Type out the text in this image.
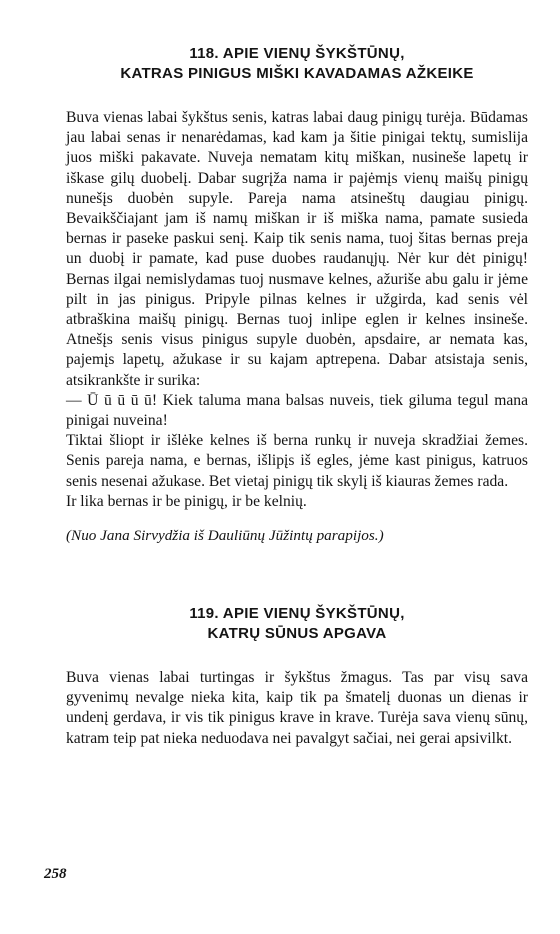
118. APIE VIENŲ ŠYKŠTŪNŲ,
KATRAS PINIGUS MIŠKI KAVADAMAS AŽKEIKE

Buva vienas labai šykštus senis, katras labai daug pinigų turėja. Būdamas jau labai senas ir nenarėdamas, kad kam ja šitie pinigai tektų, sumislija juos miški pakavate. Nuveja nematam kitų miškan, nusineše lapetų ir iškase gilų duobelį. Dabar sugrįža nama ir pajėmįs vienų maišų pinigų nunešįs duobėn supyle. Pareja nama atsineštų daugiau pinigų. Bevaikščiajant jam iš namų miškan ir iš miška nama, pamate susieda bernas ir paseke paskui senį. Kaip tik senis nama, tuoj šitas bernas preja un duobį ir pamate, kad puse duobes raudanųjų. Nėr kur dėt pinigų! Bernas ilgai nemislydamas tuoj nusmave kelnes, ažuriše abu galu ir jėme pilt in jas pinigus. Pripyle pilnas kelnes ir užgirda, kad senis vėl atbraškina maišų pinigų. Bernas tuoj inlipe eglen ir kelnes insineše. Atnešįs senis visus pinigus supyle duobėn, apsdaire, ar nemata kas, pajemįs lapetų, ažukase ir su kajam aptrepena. Dabar atsistaja senis, atsikrankšte ir surika:

— Ū ū ū ū ū! Kiek taluma mana balsas nuveis, tiek giluma tegul mana pinigai nuveina!

Tiktai šliopt ir išlėke kelnes iš berna runkų ir nuveja skradžiai žemes. Senis pareja nama, e bernas, išlipįs iš egles, jėme kast pinigus, katruos senis nesenai ažukase. Bet vietaj pinigų tik skylį iš kiauras žemes rada.

Ir lika bernas ir be pinigų, ir be kelnių.

(Nuo Jana Sirvydžia iš Dauliūnų Jūžintų parapijos.)

119. APIE VIENŲ ŠYKŠTŪNŲ,
KATRŲ SŪNUS APGAVA

Buva vienas labai turtingas ir šykštus žmagus. Tas par visų sava gyvenimų nevalge nieka kita, kaip tik pa šmatelį duonas un dienas ir undenį gerdava, ir vis tik pinigus krave in krave. Turėja sava vienų sūnų, katram teip pat nieka neduodava nei pavalgyt sačiai, nei gerai apsivilkt.

258
